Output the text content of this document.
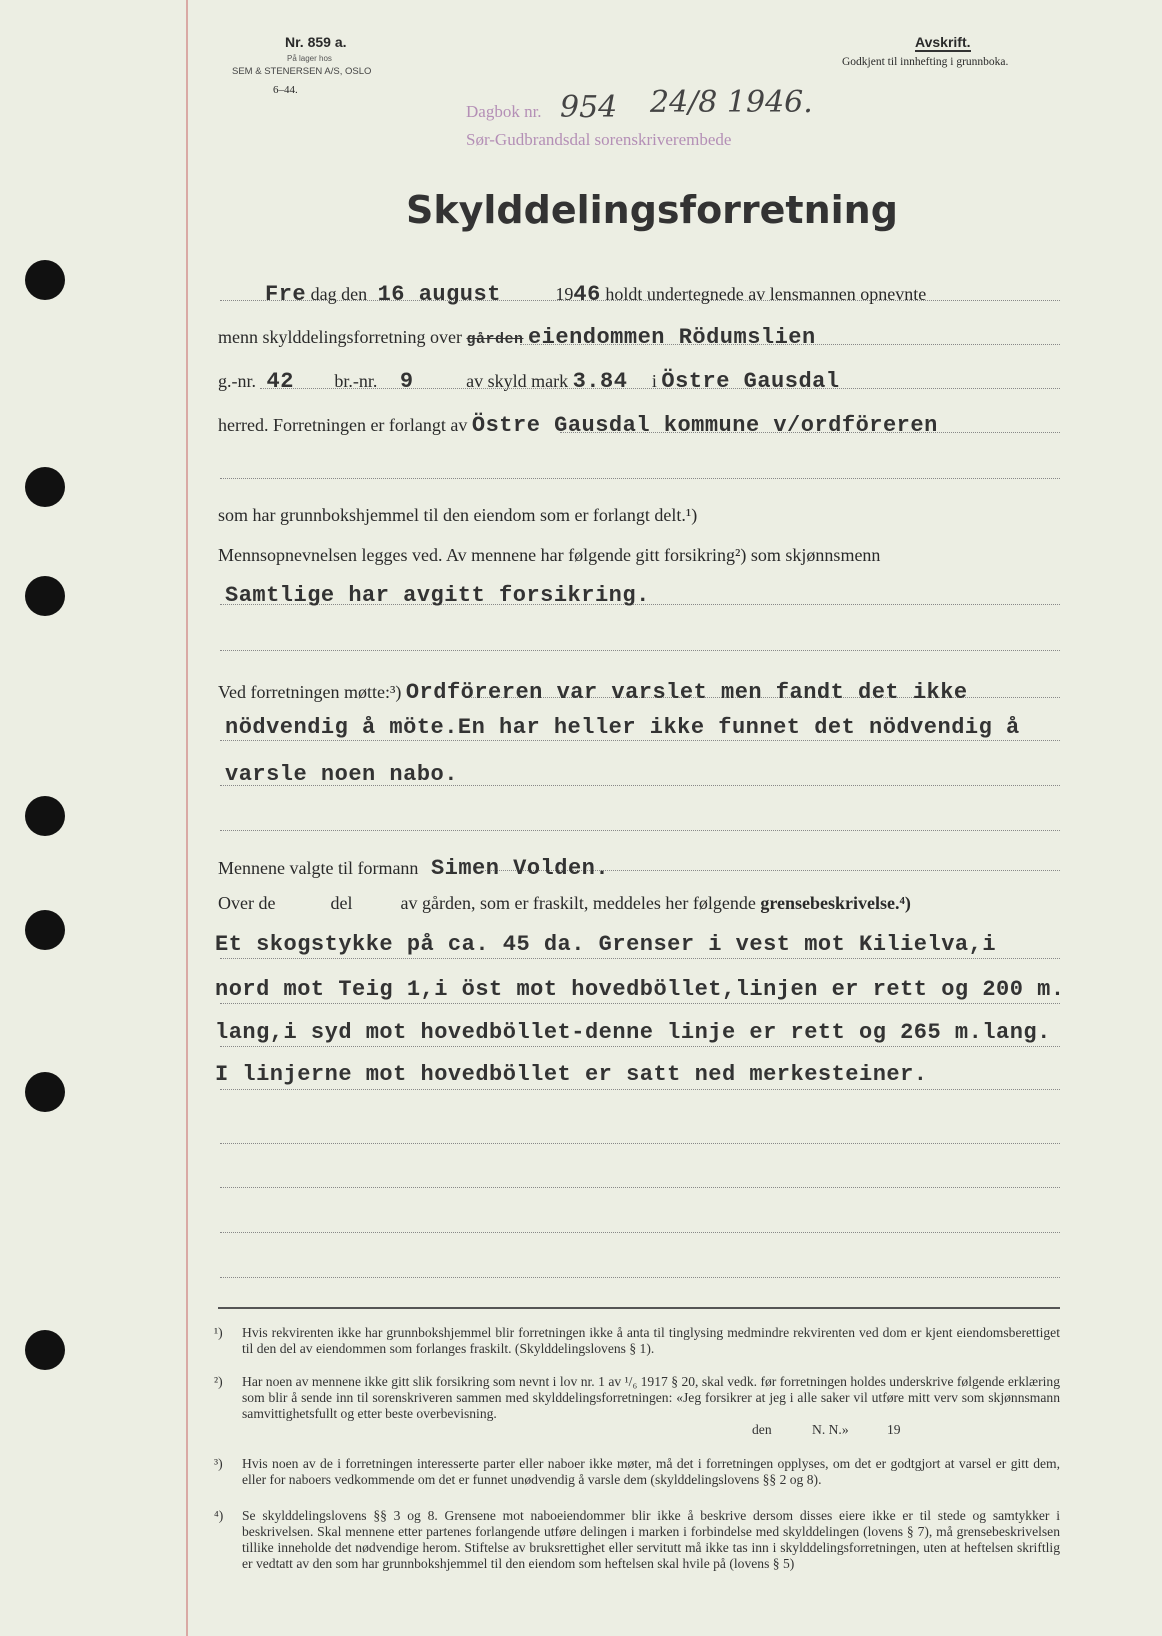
Nr. 859 a.
På lager hos
SEM & STENERSEN A/S, OSLO
6–44.
Avskrift.
Godkjent til innhefting i grunnboka.
Dagbok nr. 954 24/8 1946.
Sør-Gudbrandsdal sorenskriverembede
Skylddelingsforretning
Fre dag den 16 august	1946 holdt undertegnede av lensmannen opnevnte
menn skylddelingsforretning over gården eiendommen Rödumslien
g.-nr. 42 br.-nr. 9	av skyld mark 3.84 i Östre Gausdal
herred. Forretningen er forlangt av Östre Gausdal kommune v/ordföreren
som har grunnbokshjemmel til den eiendom som er forlangt delt.¹)
Mennsopnevnelsen legges ved. Av mennene har følgende gitt forsikring²) som skjønnsmenn
Samtlige har avgitt forsikring.
Ved forretningen møtte:³) Ordföreren var varslet men fandt det ikke
nödvendig å möte.En har heller ikke funnet det nödvendig å
varsle noen nabo.
Mennene valgte til formann Simen Volden.
Over de	del	av gården, som er fraskilt, meddeles her følgende grensebeskrivelse.⁴)
Et skogstykke på ca. 45 da. Grenser i vest mot Kilielva,i
nord mot Teig 1,i öst mot hovedböllet,linjen er rett og 200 m.
lang,i syd mot hovedböllet-denne linje er rett og 265 m.lang.
I linjerne mot hovedböllet er satt ned merkesteiner.
¹) Hvis rekvirenten ikke har grunnbokshjemmel blir forretningen ikke å anta til tinglysing medmindre rekvirenten ved dom er kjent eiendomsberettiget til den del av eiendommen som forlanges fraskilt. (Skylddelingslovens § 1).
²) Har noen av mennene ikke gitt slik forsikring som nevnt i lov nr. 1 av ¹/₆ 1917 § 20, skal vedk. før forretningen holdes underskrive følgende erklæring som blir å sende inn til sorenskriveren sammen med skylddelingsforretningen: «Jeg forsikrer at jeg i alle saker vil utføre mitt verv som skjønnsmann samvittighetsfullt og etter beste overbevisning.
den	19
N. N.»
³) Hvis noen av de i forretningen interesserte parter eller naboer ikke møter, må det i forretningen opplyses, om det er godtgjort at varsel er gitt dem, eller for naboers vedkommende om det er funnet unødvendig å varsle dem (skylddelingslovens §§ 2 og 8).
⁴) Se skylddelingslovens §§ 3 og 8. Grensene mot naboeiendommer blir ikke å beskrive dersom disses eiere ikke er til stede og samtykker i beskrivelsen. Skal mennene etter partenes forlangende utføre delingen i marken i forbindelse med skylddelingen (lovens § 7), må grensebeskrivelsen tillike inneholde det nødvendige herom. Stiftelse av bruksrettighet eller servitutt må ikke tas inn i skylddelingsforretningen, uten at heftelsen skriftlig er vedtatt av den som har grunnbokshjemmel til den eiendom som heftelsen skal hvile på (lovens § 5)
